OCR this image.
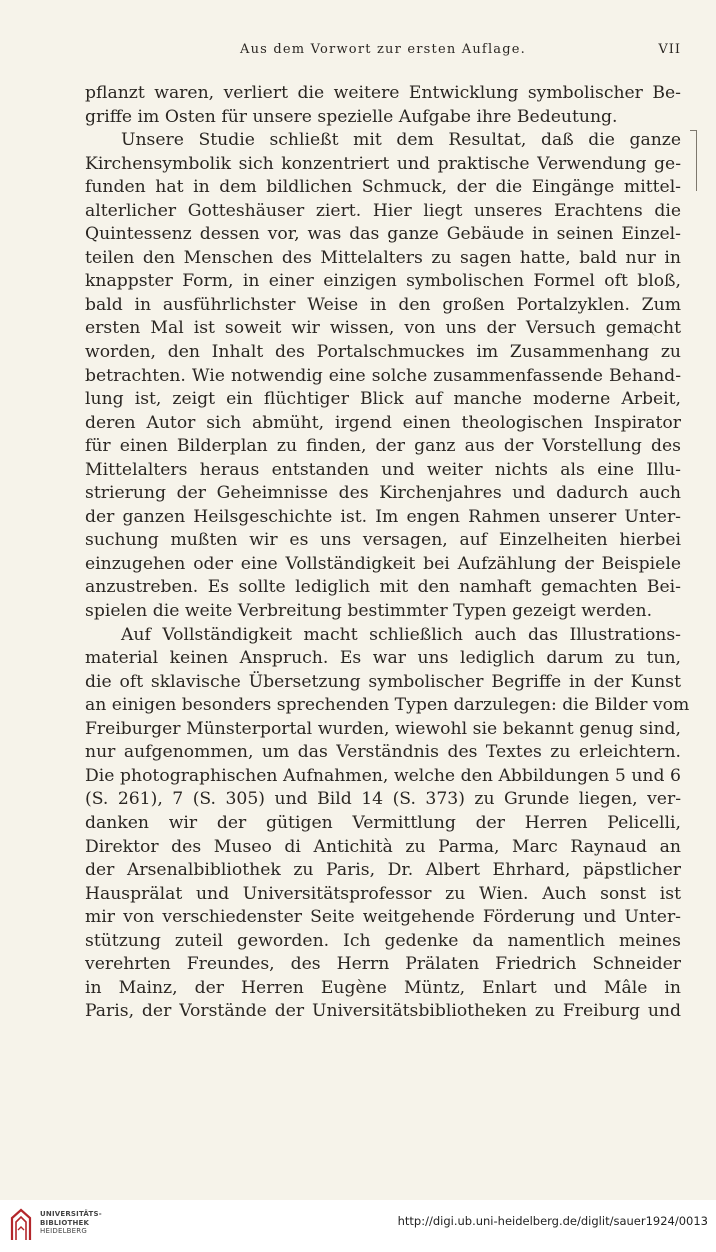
Aus dem Vorwort zur ersten Auflage.	VII
pflanzt waren, verliert die weitere Entwicklung symbolischer Be-
griffe im Osten für unsere spezielle Aufgabe ihre Bedeutung.
Unsere Studie schließt mit dem Resultat, daß die ganze
Kirchensymbolik sich konzentriert und praktische Verwendung ge-
funden hat in dem bildlichen Schmuck, der die Eingänge mittel-
alterlicher Gotteshäuser ziert. Hier liegt unseres Erachtens die
Quintessenz dessen vor, was das ganze Gebäude in seinen Einzel-
teilen den Menschen des Mittelalters zu sagen hatte, bald nur in
knappster Form, in einer einzigen symbolischen Formel oft bloß,
bald in ausführlichster Weise in den großen Portalzyklen. Zum
ersten Mal ist soweit wir wissen, von uns der Versuch gemacht
worden, den Inhalt des Portalschmuckes im Zusammenhang zu
betrachten. Wie notwendig eine solche zusammenfassende Behand-
lung ist, zeigt ein flüchtiger Blick auf manche moderne Arbeit,
deren Autor sich abmüht, irgend einen theologischen Inspirator
für einen Bilderplan zu finden, der ganz aus der Vorstellung des
Mittelalters heraus entstanden und weiter nichts als eine Illu-
strierung der Geheimnisse des Kirchenjahres und dadurch auch
der ganzen Heilsgeschichte ist. Im engen Rahmen unserer Unter-
suchung mußten wir es uns versagen, auf Einzelheiten hierbei
einzugehen oder eine Vollständigkeit bei Aufzählung der Beispiele
anzustreben. Es sollte lediglich mit den namhaft gemachten Bei-
spielen die weite Verbreitung bestimmter Typen gezeigt werden.
Auf Vollständigkeit macht schließlich auch das Illustrations-
material keinen Anspruch. Es war uns lediglich darum zu tun,
die oft sklavische Übersetzung symbolischer Begriffe in der Kunst
an einigen besonders sprechenden Typen darzulegen: die Bilder vom
Freiburger Münsterportal wurden, wiewohl sie bekannt genug sind,
nur aufgenommen, um das Verständnis des Textes zu erleichtern.
Die photographischen Aufnahmen, welche den Abbildungen 5 und 6
(S. 261), 7 (S. 305) und Bild 14 (S. 373) zu Grunde liegen, ver-
danken wir der gütigen Vermittlung der Herren Pelicelli,
Direktor des Museo di Antichità zu Parma, Marc Raynaud an
der Arsenalbibliothek zu Paris, Dr. Albert Ehrhard, päpstlicher
Hausprälat und Universitätsprofessor zu Wien. Auch sonst ist
mir von verschiedenster Seite weitgehende Förderung und Unter-
stützung zuteil geworden. Ich gedenke da namentlich meines
verehrten Freundes, des Herrn Prälaten Friedrich Schneider
in Mainz, der Herren Eugène Müntz, Enlart und Mâle in
Paris, der Vorstände der Universitätsbibliotheken zu Freiburg und
UNIVERSITÄTS-
BIBLIOTHEK
HEIDELBERG
http://digi.ub.uni-heidelberg.de/diglit/sauer1924/0013
